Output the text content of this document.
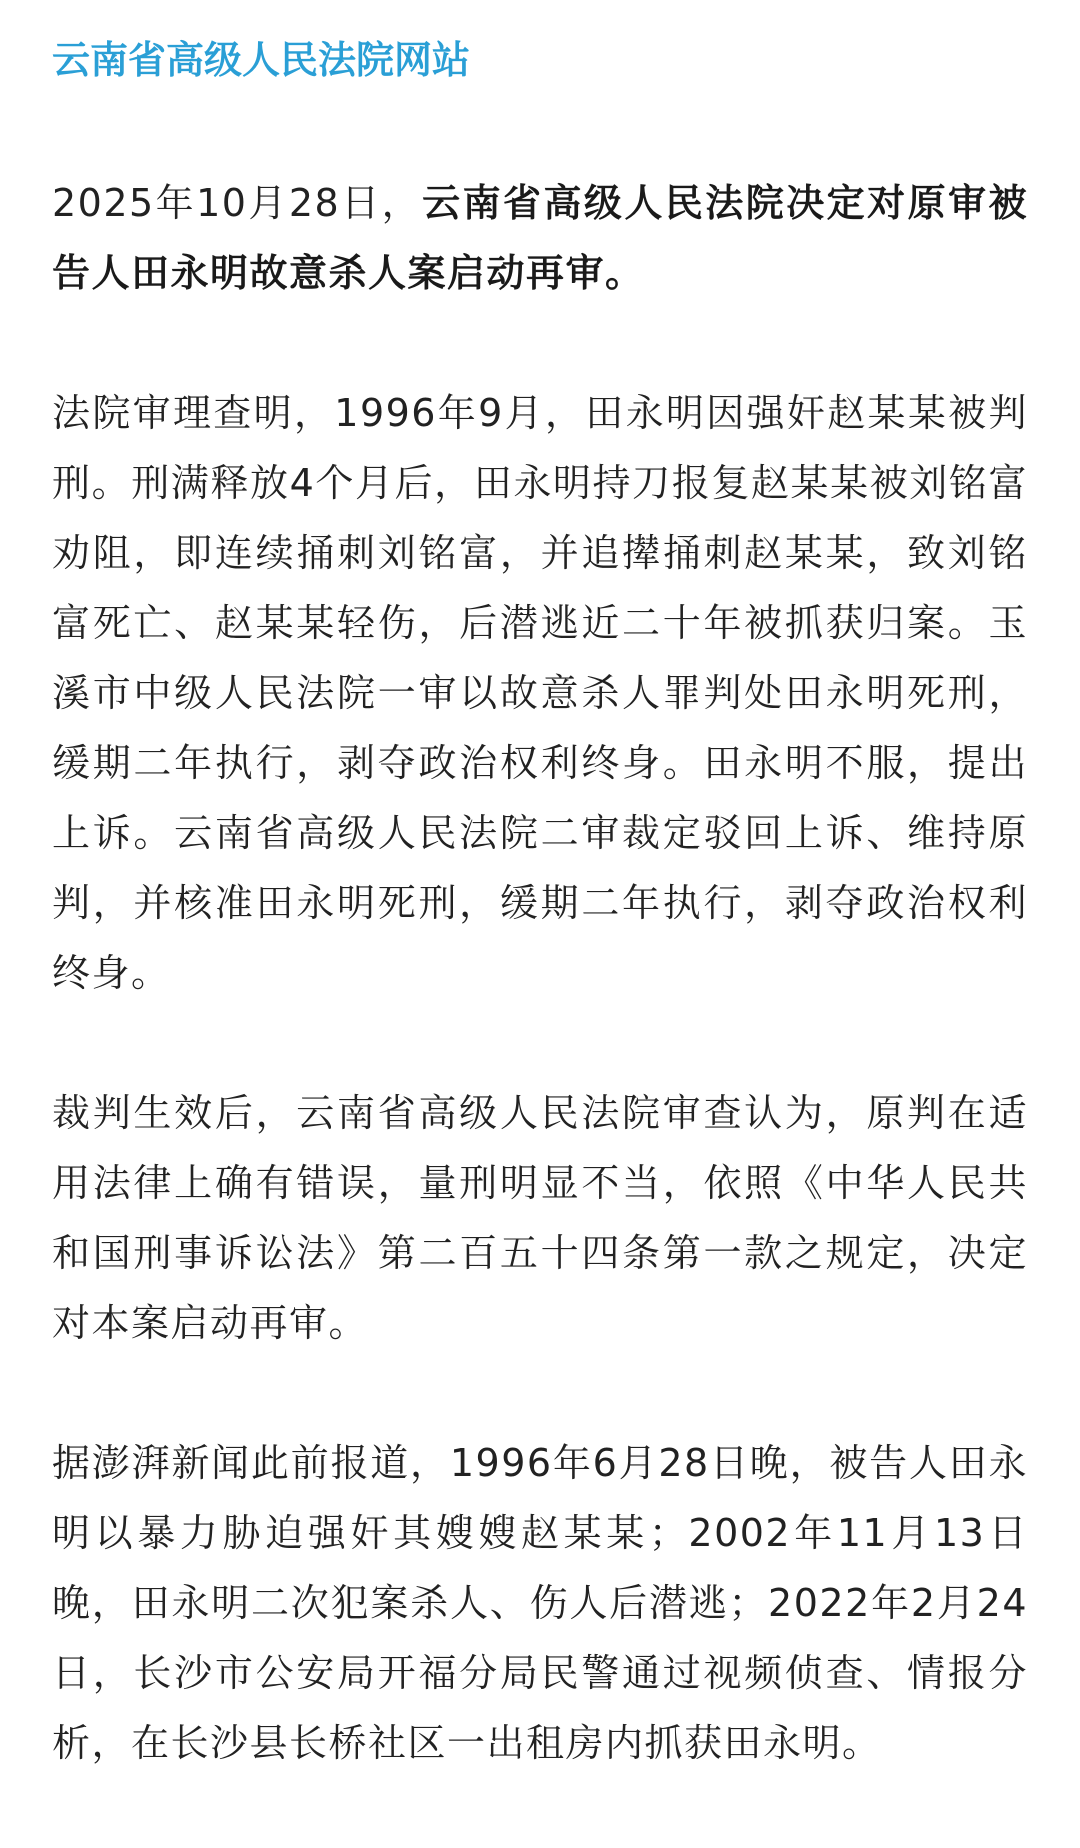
云南省高级人民法院网站

2025年10月28日，云南省高级人民法院决定对原审被告人田永明故意杀人案启动再审。

法院审理查明，1996年9月，田永明因强奸赵某某被判刑。刑满释放4个月后，田永明持刀报复赵某某被刘铭富劝阻，即连续捅刺刘铭富，并追撵捅刺赵某某，致刘铭富死亡、赵某某轻伤，后潜逃近二十年被抓获归案。玉溪市中级人民法院一审以故意杀人罪判处田永明死刑，缓期二年执行，剥夺政治权利终身。田永明不服，提出上诉。云南省高级人民法院二审裁定驳回上诉、维持原判，并核准田永明死刑，缓期二年执行，剥夺政治权利终身。

裁判生效后，云南省高级人民法院审查认为，原判在适用法律上确有错误，量刑明显不当，依照《中华人民共和国刑事诉讼法》第二百五十四条第一款之规定，决定对本案启动再审。

据澎湃新闻此前报道，1996年6月28日晚，被告人田永明以暴力胁迫强奸其嫂嫂赵某某；2002年11月13日晚，田永明二次犯案杀人、伤人后潜逃；2022年2月24日，长沙市公安局开福分局民警通过视频侦查、情报分析，在长沙县长桥社区一出租房内抓获田永明。
